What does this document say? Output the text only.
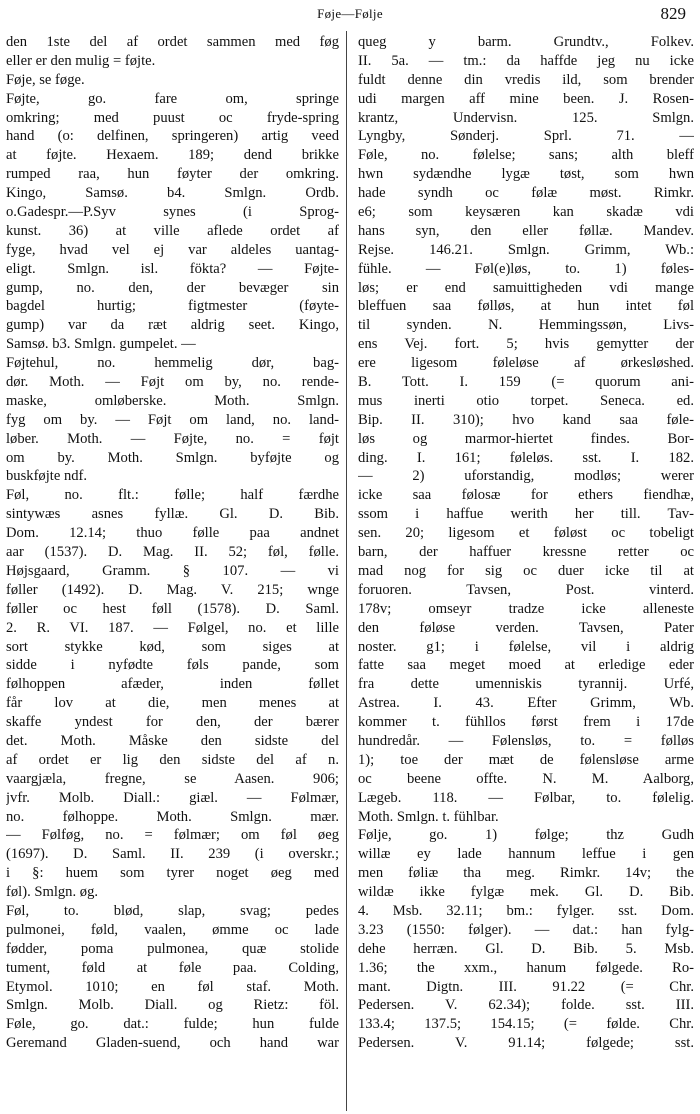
Føje—Følje	829
den 1ste del af ordet sammen med føg
eller er den mulig = føjte.
Føje, se føge.
Føjte, go. fare om, springe
omkring; med puust oc fryde-spring
hand (o: delfinen, springeren) artig veed
at føjte. Hexaem. 189; dend brikke
rumped raa, hun føyter der omkring.
Kingo, Samsø. b4. Smlgn. Ordb.
o.Gadespr.—P.Syv synes (i Sprog-
kunst. 36) at ville aflede ordet af
fyge, hvad vel ej var aldeles uantag-
eligt. Smlgn. isl. fökta? — Føjte-
gump, no. den, der bevæger sin
bagdel hurtig; figtmester (føyte-
gump) var da ræt aldrig seet. Kingo,
Samsø. b3. Smlgn. gumpelet. —
Føjtehul, no. hemmelig dør, bag-
dør. Moth. — Føjt om by, no. rende-
maske, omløberske. Moth. Smlgn.
fyg om by. — Føjt om land, no. land-
løber. Moth. — Føjte, no. = føjt
om by. Moth. Smlgn. byføjte og
buskføjte ndf.
Føl, no. flt.: følle; half færdhe
sintywæs asnes fyllæ. Gl. D. Bib.
Dom. 12.14; thuo følle paa andnet
aar (1537). D. Mag. II. 52; føl, følle.
Højsgaard, Gramm. § 107. — vi
føller (1492). D. Mag. V. 215; wnge
føller oc hest føll (1578). D. Saml.
2. R. VI. 187. — Følgel, no. et lille
sort stykke kød, som siges at
sidde i nyfødte føls pande, som
følhoppen afæder, inden føllet
får lov at die, men menes at
skaffe yndest for den, der bærer
det. Moth. Måske den sidste del
af ordet er lig den sidste del af n.
vaargjæla, fregne, se Aasen. 906;
jvfr. Molb. Diall.: giæl. — Følmær,
no. følhoppe. Moth. Smlgn. mær.
— Følføg, no. = følmær; om føl øeg
(1697). D. Saml. II. 239 (i overskr.;
i §: huem som tyrer noget øeg med
føl). Smlgn. øg.
Føl, to. blød, slap, svag; pedes
pulmonei, føld, vaalen, ømme oc lade
fødder, poma pulmonea, quæ stolide
tument, føld at føle paa. Colding,
Etymol. 1010; en føl staf. Moth.
Smlgn. Molb. Diall. og Rietz: föl.
Føle, go. dat.: fulde; hun fulde
Geremand Gladen-suend, och hand war
queg y barm. Grundtv., Folkev.
II. 5a. — tm.: da haffde jeg nu icke
fuldt denne din vredis ild, som brender
udi margen aff mine been. J. Rosen-
krantz, Undervisn. 125. Smlgn.
Lyngby, Sønderj. Sprl. 71. —
Føle, no. følelse; sans; alth bleff
hwn sydændhe lygæ tøst, som hwn
hade syndh oc følæ møst. Rimkr.
e6; som keysæren kan skadæ vdi
hans syn, den eller føllæ. Mandev.
Rejse. 146.21. Smlgn. Grimm, Wb.:
fühle. — Føl(e)løs, to. 1) føles-
løs; er end samuittigheden vdi mange
bleffuen saa følløs, at hun intet føl
til synden. N. Hemmingssøn, Livs-
ens Vej. fort. 5; hvis gemytter der
ere ligesom føleløse af ørkesløshed.
B. Tott. I. 159 (= quorum ani-
mus inerti otio torpet. Seneca. ed.
Bip. II. 310); hvo kand saa føle-
løs og marmor-hiertet findes. Bor-
ding. I. 161; føleløs. sst. I. 182.
— 2) uforstandig, modløs; werer
icke saa følosæ for ethers fiendhæ,
ssom i haffue werith her till. Tav-
sen. 20; ligesom et føløst oc tobeligt
barn, der haffuer kressne retter oc
mad nog for sig oc duer icke til at
foruoren. Tavsen, Post. vinterd.
178v; omseyr tradze icke alleneste
den føløse verden. Tavsen, Pater
noster. g1; i følelse, vil i aldrig
fatte saa meget moed at erledige eder
fra dette umenniskis tyrannij. Urfé,
Astrea. I. 43. Efter Grimm, Wb.
kommer t. fühllos først frem i 17de
hundredår. — Følensløs, to. = følløs
1); toe der mæt de følensløse arme
oc beene offte. N. M. Aalborg,
Lægeb. 118. — Følbar, to. følelig.
Moth. Smlgn. t. fühlbar.
Følje, go. 1) følge; thz Gudh
willæ ey lade hannum leffue i gen
men føliæ tha meg. Rimkr. 14v; the
wildæ ikke fylgæ mek. Gl. D. Bib.
4. Msb. 32.11; bm.: fylger. sst. Dom.
3.23 (1550: følger). — dat.: han fylg-
dehe herræn. Gl. D. Bib. 5. Msb.
1.36; the xxm., hanum følgede. Ro-
mant. Digtn. III. 91.22 (= Chr.
Pedersen. V. 62.34); folde. sst. III.
133.4; 137.5; 154.15; (= følde. Chr.
Pedersen. V. 91.14; følgede; sst.
